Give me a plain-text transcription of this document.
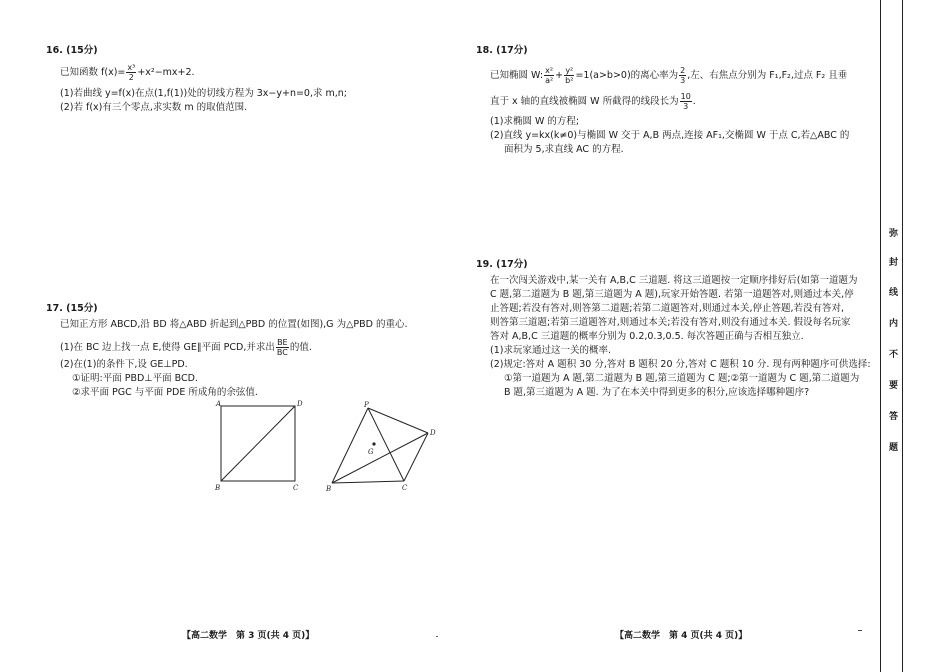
16. (15分)
已知函数 $f(x)= \frac{\text{x³}}{2} +x^2-mx+2$.
(1)若曲线 y=f(x)在点(1,f(1))处的切线方程为 3x−y+n=0,求 m,n;
(2)若 f(x)有三个零点,求实数 m 的取值范围.
17. (15分)
已知正方形 ABCD,沿 BD 将△ABD 折起到△PBD 的位置(如图),G 为△PBD 的重心.
(1)在 BC 边上找一点 E,使得 GE∥平面 PCD,并求出 $\frac{BE}{BC}$ 的值.
(2)在(1)的条件下,设 GE⊥PD.
①证明:平面 PBD⊥平面 BCD.
②求平面 PGC 与平面 PDE 所成角的余弦值.
A	D
B	C
P
D
B	C
G
18. (17分)
已知椭圆 W: $\frac{\text{x²}}{\text{a²}} + \frac{\text{y²}}{\text{b²}} =1(a>b>0)$的离心率为 $\frac{2}{3}$ ,左、右焦点分别为 F₁,F₂,过点 F₂ 且垂
直于 x 轴的直线被椭圆 W 所截得的线段长为 $\frac{10}{3}$ .
(1)求椭圆 W 的方程;
(2)直线 y=kx(k≠0)与椭圆 W 交于 A,B 两点,连接 AF₁,交椭圆 W 于点 C,若△ABC 的
面积为 5,求直线 AC 的方程.
19. (17分)
在一次闯关游戏中,某一关有 A,B,C 三道题. 将这三道题按一定顺序排好后(如第一道题为
C 题,第二道题为 B 题,第三道题为 A 题),玩家开始答题. 若第一道题答对,则通过本关,停
止答题;若没有答对,则答第二道题;若第二道题答对,则通过本关,停止答题,若没有答对,
则答第三道题;若第三道题答对,则通过本关;若没有答对,则没有通过本关. 假设每名玩家
答对 A,B,C 三道题的概率分别为 0.2,0.3,0.5. 每次答题正确与否相互独立.
(1)求玩家通过这一关的概率.
(2)规定:答对 A 题积 30 分,答对 B 题积 20 分,答对 C 题积 10 分. 现有两种题序可供选择:
①第一道题为 A 题,第二道题为 B 题,第三道题为 C 题;②第一道题为 C 题,第二道题为
B 题,第三道题为 A 题. 为了在本关中得到更多的积分,应该选择哪种题序?
【高二数学　第 3 页(共 4 页)】	【高二数学　第 4 页(共 4 页)】
弥
封
线
内
不
要
答
题
